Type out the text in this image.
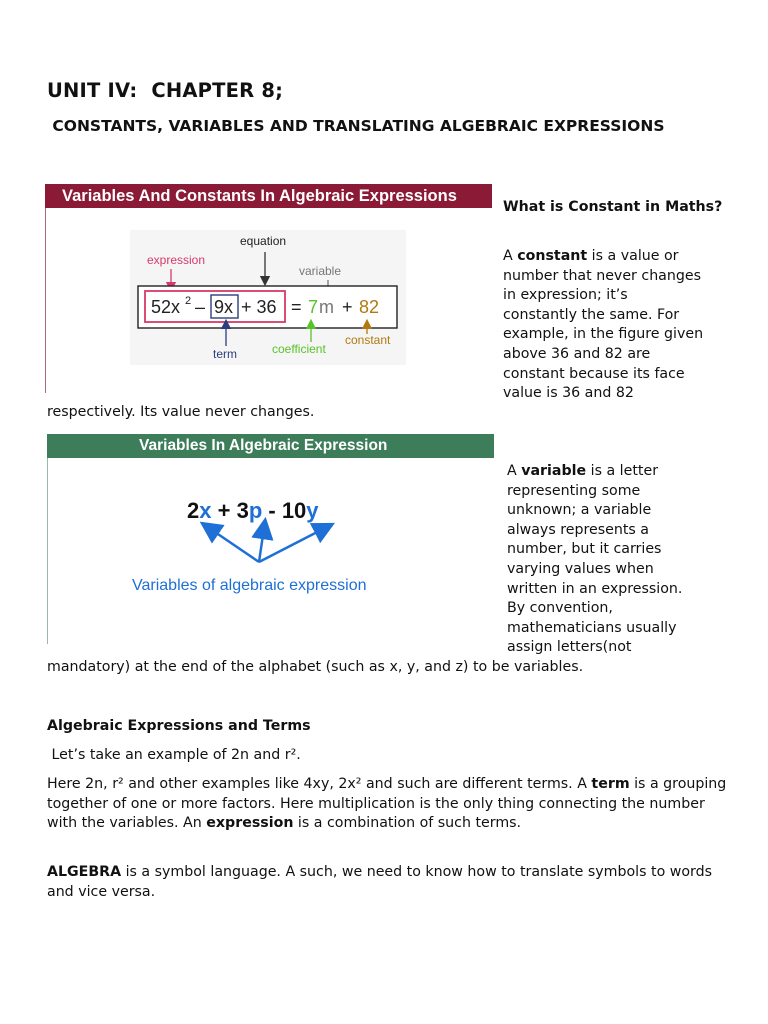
UNIT IV:  CHAPTER 8;
CONSTANTS, VARIABLES AND TRANSLATING ALGEBRAIC EXPRESSIONS
Variables And Constants In Algebraic Expressions
expression
equation
variable
52x 2 – 9x + 36 = 7 m + 82
term	coefficient
constant
What is Constant in Maths?
A constant is a value or
number that never changes
in expression; it’s
constantly the same. For
example, in the figure given
above 36 and 82 are
constant because its face
value is 36 and 82
respectively. Its value never changes.
Variables In Algebraic Expression
2x + 3p - 10y
Variables of algebraic expression
A variable is a letter
representing some
unknown; a variable
always represents a
number, but it carries
varying values when
written in an expression.
By convention,
mathematicians usually
assign letters(not
mandatory) at the end of the alphabet (such as x, y, and z) to be variables.
Algebraic Expressions and Terms
Let’s take an example of 2n and r².
Here 2n, r² and other examples like 4xy, 2x² and such are different terms. A term is a grouping together of one or more factors. Here multiplication is the only thing connecting the number with the variables. An expression is a combination of such terms.
ALGEBRA is a symbol language. A such, we need to know how to translate symbols to words and vice versa.
